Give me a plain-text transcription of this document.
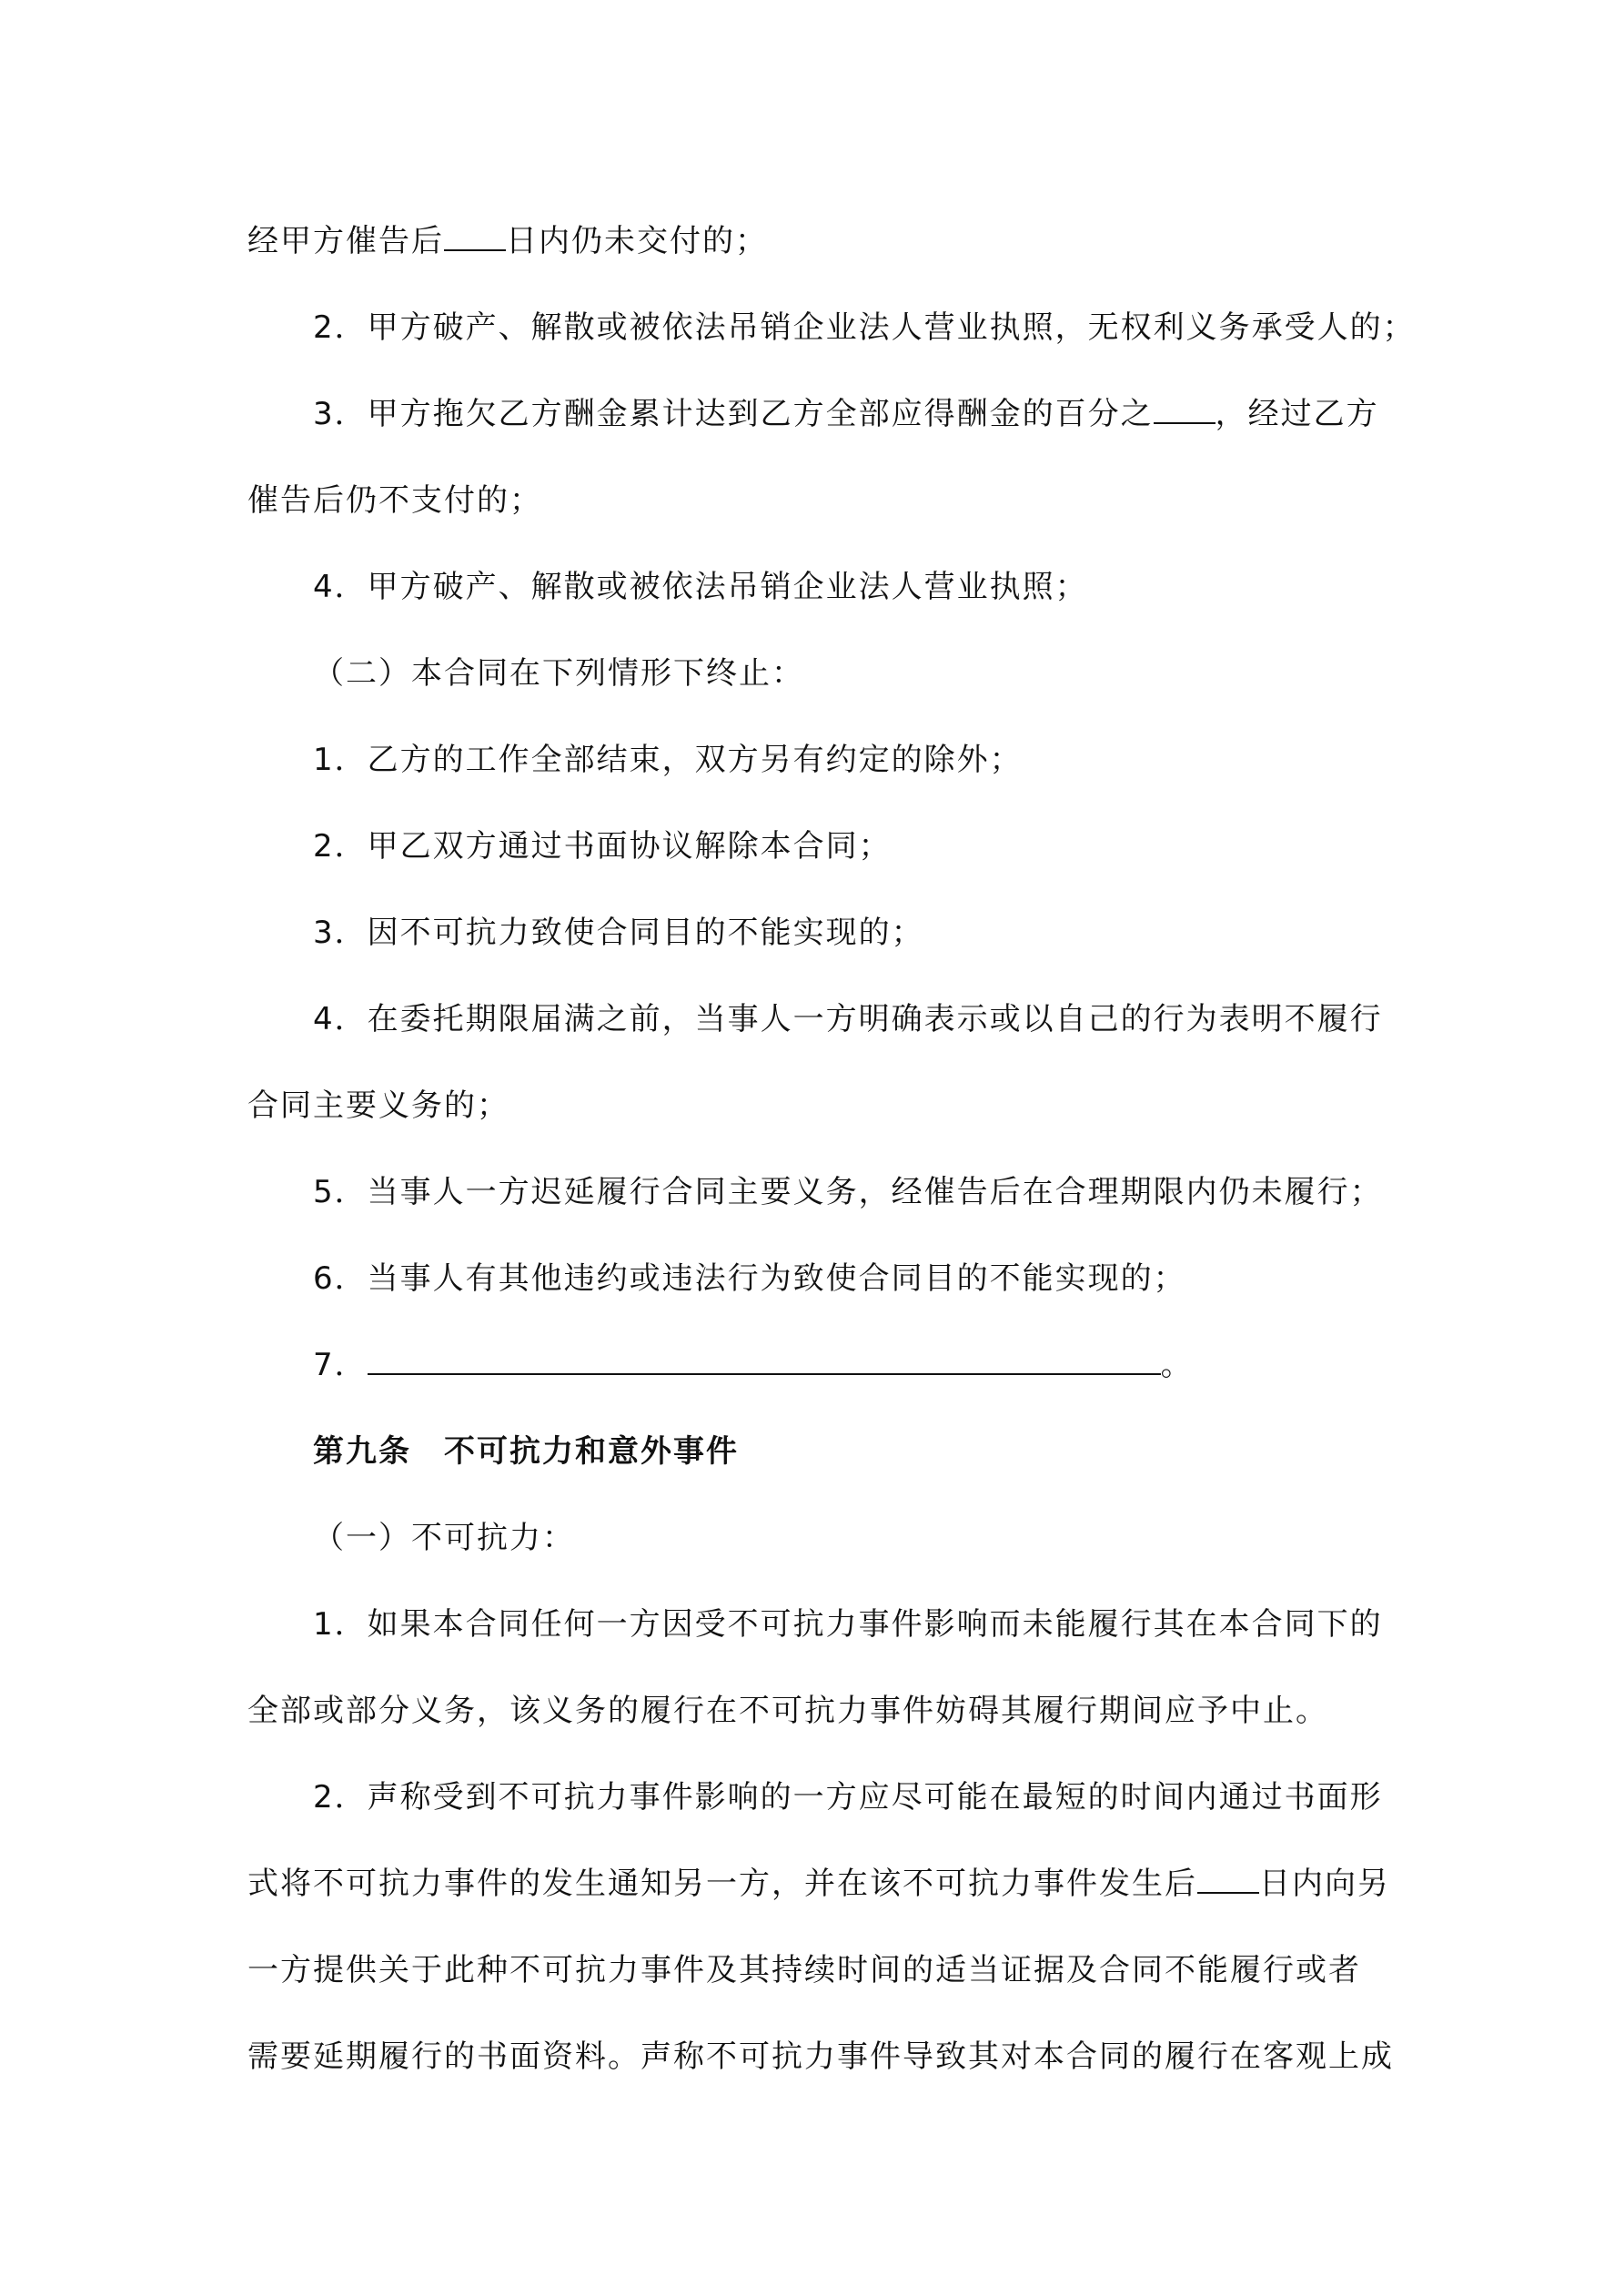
经甲方催告后 日内仍未交付的；
2．甲方破产、解散或被依法吊销企业法人营业执照，无权利义务承受人的；
3．甲方拖欠乙方酬金累计达到乙方全部应得酬金的百分之 ，经过乙方
催告后仍不支付的；
4．甲方破产、解散或被依法吊销企业法人营业执照；
（二）本合同在下列情形下终止：
1．乙方的工作全部结束，双方另有约定的除外；
2．甲乙双方通过书面协议解除本合同；
3．因不可抗力致使合同目的不能实现的；
4．在委托期限届满之前，当事人一方明确表示或以自己的行为表明不履行
合同主要义务的；
5．当事人一方迟延履行合同主要义务，经催告后在合理期限内仍未履行；
6．当事人有其他违约或违法行为致使合同目的不能实现的；
7．	。
第九条　不可抗力和意外事件
（一）不可抗力：
1．如果本合同任何一方因受不可抗力事件影响而未能履行其在本合同下的
全部或部分义务，该义务的履行在不可抗力事件妨碍其履行期间应予中止。
2．声称受到不可抗力事件影响的一方应尽可能在最短的时间内通过书面形
式将不可抗力事件的发生通知另一方，并在该不可抗力事件发生后 日内向另
一方提供关于此种不可抗力事件及其持续时间的适当证据及合同不能履行或者
需要延期履行的书面资料。声称不可抗力事件导致其对本合同的履行在客观上成
